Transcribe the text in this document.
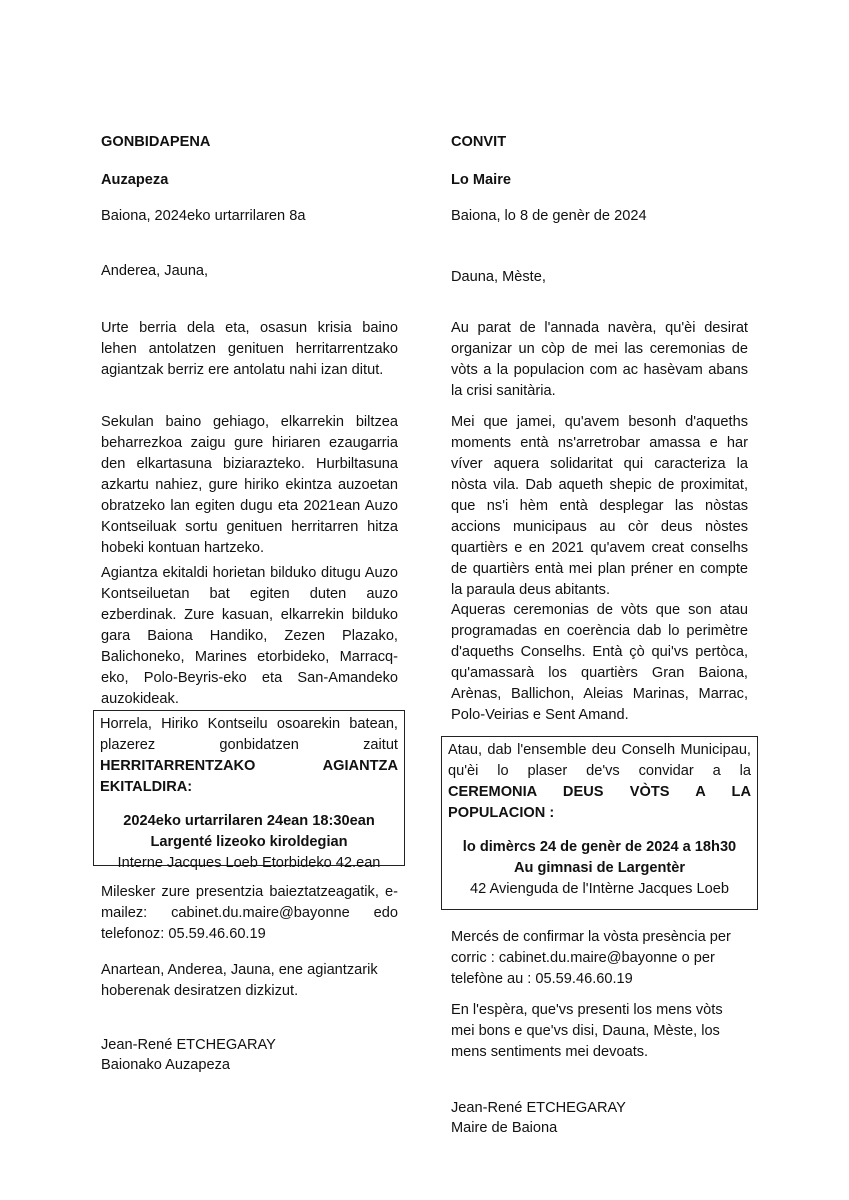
GONBIDAPENA

Auzapeza

Baiona, 2024eko urtarrilaren 8a

Anderea, Jauna,

Urte berria dela eta, osasun krisia baino lehen antolatzen genituen herritarrentzako agiantzak berriz ere antolatu nahi izan ditut.

Sekulan baino gehiago, elkarrekin biltzea beharrezkoa zaigu gure hiriaren ezaugarria den elkartasuna biziarazteko. Hurbiltasuna azkartu nahiez, gure hiriko ekintza auzoetan obratzeko lan egiten dugu eta 2021ean Auzo Kontseiluak sortu genituen herritarren hitza hobeki kontuan hartzeko.

Agiantza ekitaldi horietan bilduko ditugu Auzo Kontseiluetan bat egiten duten auzo ezberdinak. Zure kasuan, elkarrekin bilduko gara Baiona Handiko, Zezen Plazako, Balichoneko, Marines etorbideko, Marracq-eko, Polo-Beyris-eko eta San-Amandeko auzokideak.

Horrela, Hiriko Kontseilu osoarekin batean, plazerez gonbidatzen zaitut
HERRITARRENTZAKO AGIANTZA EKITALDIRA:
2024eko urtarrilaren 24ean 18:30ean
Largenté lizeoko kiroldegian
Interne Jacques Loeb Etorbideko 42.ean

Milesker zure presentzia baieztatzeagatik, e-mailez: cabinet.du.maire@bayonne edo telefonoz: 05.59.46.60.19

Anartean, Anderea, Jauna, ene agiantzarik hoberenak desiratzen dizkizut.

Jean-René ETCHEGARAY

Baionako Auzapeza

CONVIT

Lo Maire

Baiona, lo 8 de genèr de 2024

Dauna, Mèste,

Au parat de l'annada navèra, qu'èi desirat organizar un còp de mei las ceremonias de vòts a la populacion com ac hasèvam abans la crisi sanitària.

Mei que jamei, qu'avem besonh d'aqueths moments entà ns'arretrobar amassa e har víver aquera solidaritat qui caracteriza la nòsta vila. Dab aqueth shepic de proximitat, que ns'i hèm entà desplegar las nòstas accions municipaus au còr deus nòstes quartièrs e en 2021 qu'avem creat conselhs de quartièrs entà mei plan préner en compte la paraula deus abitants.

Aqueras ceremonias de vòts que son atau programadas en coerència dab lo perimètre d'aqueths Conselhs. Entà çò qui'vs pertòca, qu'amassarà los quartièrs Gran Baiona, Arènas, Ballichon, Aleias Marinas, Marrac, Polo-Veirias e Sent Amand.

Atau, dab l'ensemble deu Conselh Municipau, qu'èi lo plaser de'vs convidar a la
CEREMONIA DEUS VÒTS A LA POPULACION :
lo dimèrcs 24 de genèr de 2024 a 18h30
Au gimnasi de Largentèr
42 Avienguda de l'Intèrne Jacques Loeb

Mercés de confirmar la vòsta presència per corric : cabinet.du.maire@bayonne o per telefòne au : 05.59.46.60.19

En l'espèra, que'vs presenti los mens vòts mei bons e que'vs disi, Dauna, Mèste, los mens sentiments mei devoats.

Jean-René ETCHEGARAY

Maire de Baiona
